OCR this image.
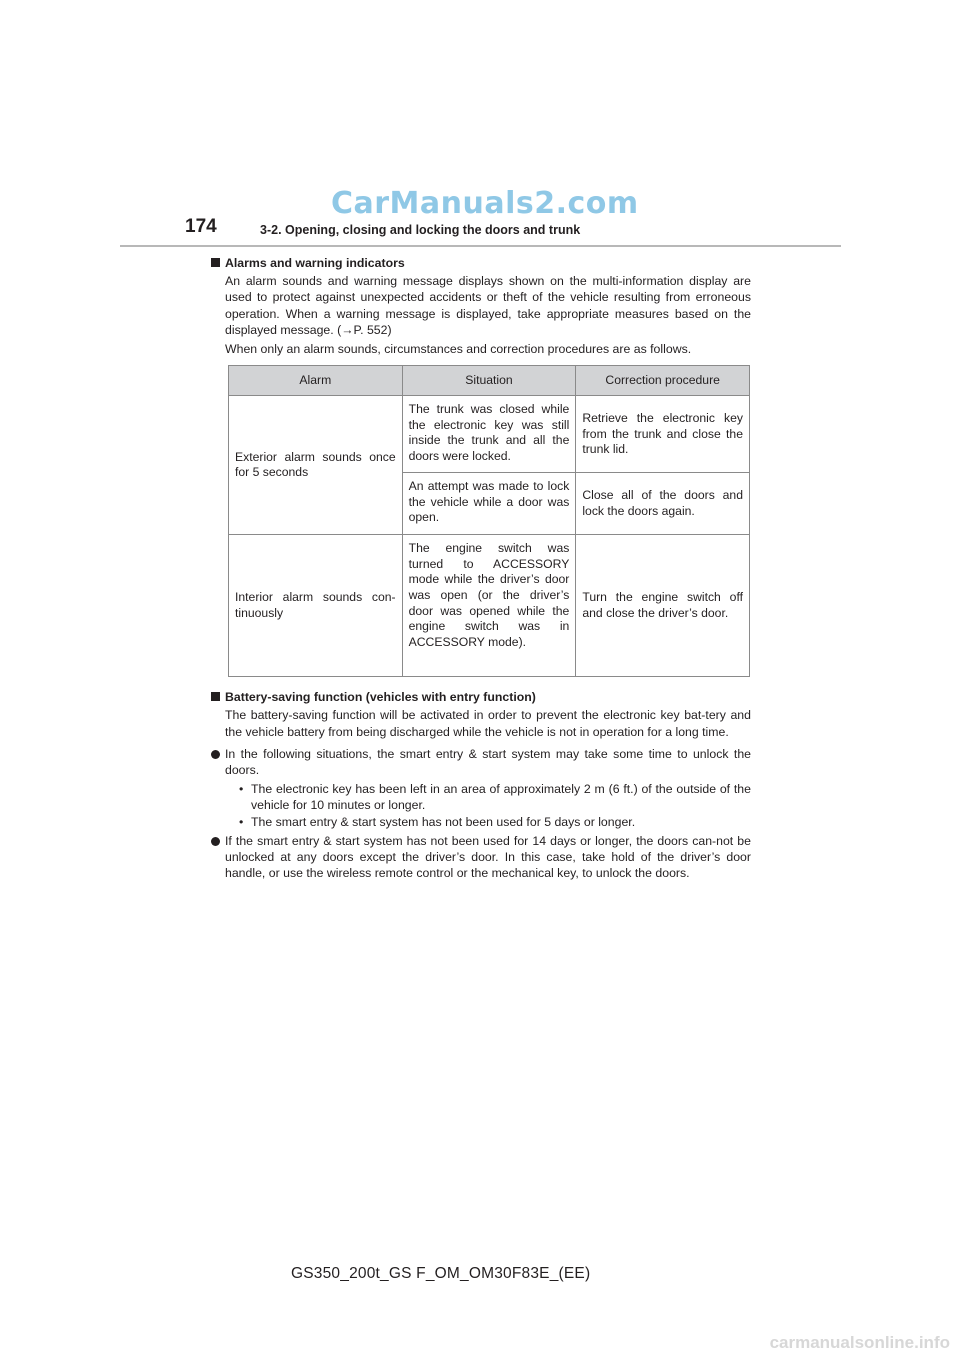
CarManuals2.com
174	3-2. Opening, closing and locking the doors and trunk
Alarms and warning indicators

An alarm sounds and warning message displays shown on the multi-information display are used to protect against unexpected accidents or theft of the vehicle resulting from erroneous operation. When a warning message is displayed, take appropriate measures based on the displayed message. (→P. 552)

When only an alarm sounds, circumstances and correction procedures are as follows.

Alarm	Situation	Correction procedure
Exterior alarm sounds once for 5 seconds	The trunk was closed while the electronic key was still inside the trunk and all the doors were locked.	Retrieve the electronic key from the trunk and close the trunk lid.
	An attempt was made to lock the vehicle while a door was open.	Close all of the doors and lock the doors again.
Interior alarm sounds con-tinuously	The engine switch was turned to ACCESSORY mode while the driver’s door was open (or the driver’s door was opened while the engine switch was in ACCESSORY mode).	Turn the engine switch off and close the driver’s door.
Battery-saving function (vehicles with entry function)

The battery-saving function will be activated in order to prevent the electronic key bat-tery and the vehicle battery from being discharged while the vehicle is not in operation for a long time.

In the following situations, the smart entry & start system may take some time to unlock the doors.
• The electronic key has been left in an area of approximately 2 m (6 ft.) of the outside of the vehicle for 10 minutes or longer.
• The smart entry & start system has not been used for 5 days or longer.
If the smart entry & start system has not been used for 14 days or longer, the doors can-not be unlocked at any doors except the driver’s door. In this case, take hold of the driver’s door handle, or use the wireless remote control or the mechanical key, to unlock the doors.
GS350_200t_GS F_OM_OM30F83E_(EE)
carmanualsonline.info
